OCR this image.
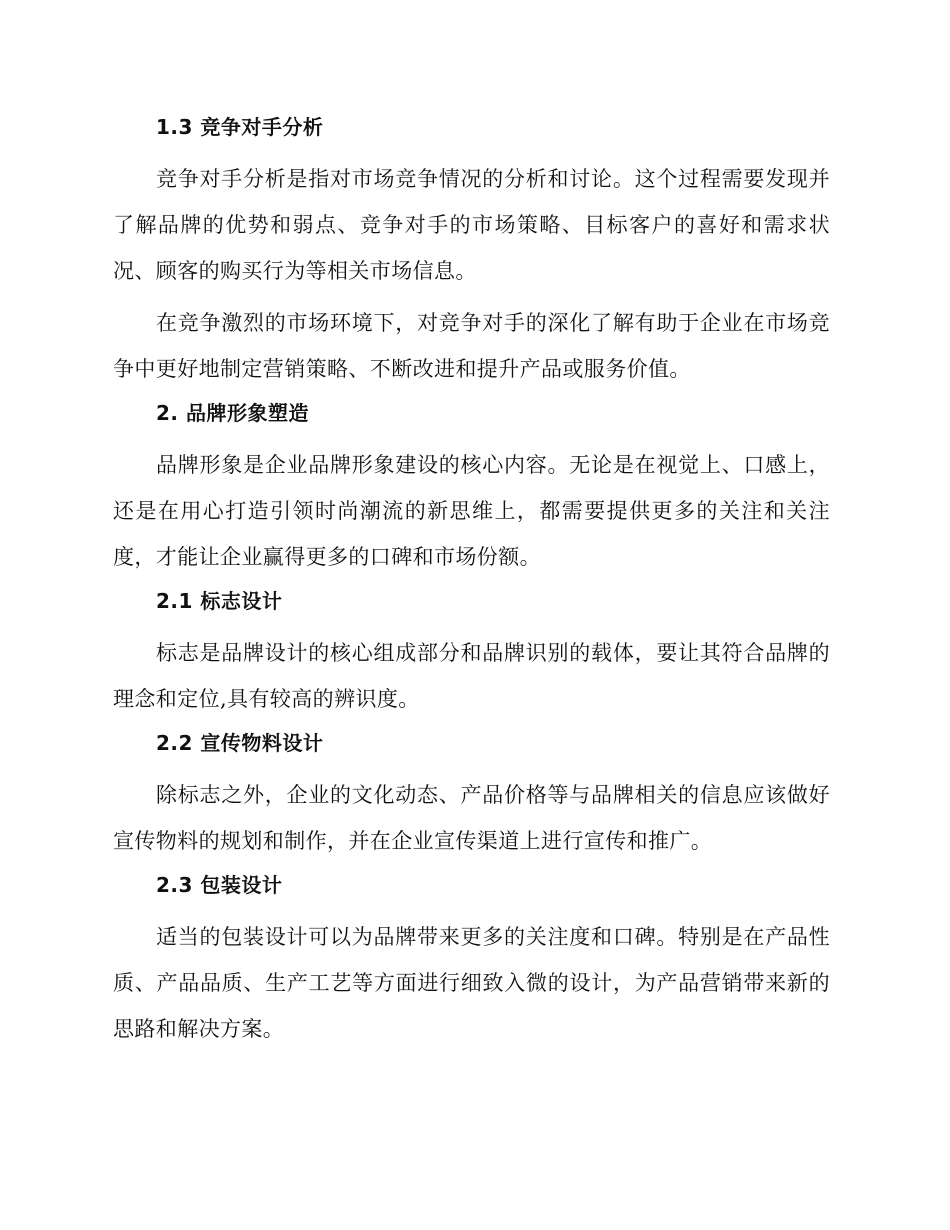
1.3 竞争对手分析

竞争对手分析是指对市场竞争情况的分析和讨论。这个过程需要发现并了解品牌的优势和弱点、竞争对手的市场策略、目标客户的喜好和需求状况、顾客的购买行为等相关市场信息。

在竞争激烈的市场环境下，对竞争对手的深化了解有助于企业在市场竞争中更好地制定营销策略、不断改进和提升产品或服务价值。

2. 品牌形象塑造

品牌形象是企业品牌形象建设的核心内容。无论是在视觉上、口感上，还是在用心打造引领时尚潮流的新思维上，都需要提供更多的关注和关注度，才能让企业赢得更多的口碑和市场份额。

2.1 标志设计

标志是品牌设计的核心组成部分和品牌识别的载体，要让其符合品牌的理念和定位,具有较高的辨识度。

2.2 宣传物料设计

除标志之外，企业的文化动态、产品价格等与品牌相关的信息应该做好宣传物料的规划和制作，并在企业宣传渠道上进行宣传和推广。

2.3 包装设计

适当的包装设计可以为品牌带来更多的关注度和口碑。特别是在产品性质、产品品质、生产工艺等方面进行细致入微的设计，为产品营销带来新的思路和解决方案。
